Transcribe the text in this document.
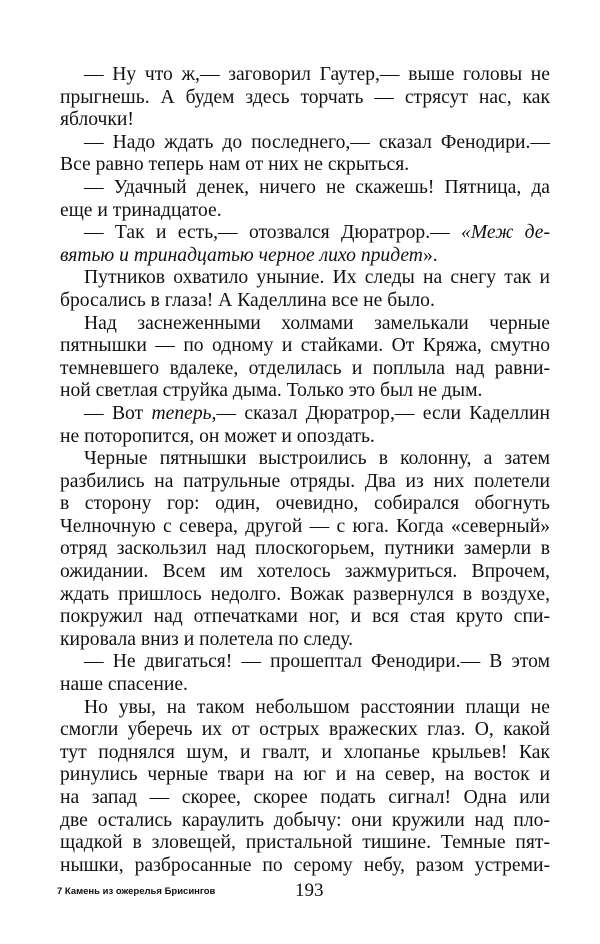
— Ну что ж,— заговорил Гаутер,— выше головы не
прыгнешь. А будем здесь торчать — стрясут нас, как
яблочки!
— Надо ждать до последнего,— сказал Фенодири.—
Все равно теперь нам от них не скрыться.
— Удачный денек, ничего не скажешь! Пятница, да
еще и тринадцатое.
— Так и есть,— отозвался Дюратрор.— «Меж де-
вятью и тринадцатью черное лихо придет».
Путников охватило уныние. Их следы на снегу так и
бросались в глаза! А Каделлина все не было.
Над заснеженными холмами замелькали черные
пятнышки — по одному и стайками. От Кряжа, смутно
темневшего вдалеке, отделилась и поплыла над равни-
ной светлая струйка дыма. Только это был не дым.
— Вот теперь,— сказал Дюратрор,— если Каделлин
не поторопится, он может и опоздать.
Черные пятнышки выстроились в колонну, а затем
разбились на патрульные отряды. Два из них полетели
в сторону гор: один, очевидно, собирался обогнуть
Челночную с севера, другой — с юга. Когда «северный»
отряд заскользил над плоскогорьем, путники замерли в
ожидании. Всем им хотелось зажмуриться. Впрочем,
ждать пришлось недолго. Вожак развернулся в воздухе,
покружил над отпечатками ног, и вся стая круто спи-
кировала вниз и полетела по следу.
— Не двигаться! — прошептал Фенодири.— В этом
наше спасение.
Но увы, на таком небольшом расстоянии плащи не
смогли уберечь их от острых вражеских глаз. О, какой
тут поднялся шум, и гвалт, и хлопанье крыльев! Как
ринулись черные твари на юг и на север, на восток и
на запад — скорее, скорее подать сигнал! Одна или
две остались караулить добычу: они кружили над пло-
щадкой в зловещей, пристальной тишине. Темные пят-
нышки, разбросанные по серому небу, разом устреми-
7 Камень из ожерелья Брисингов	193
